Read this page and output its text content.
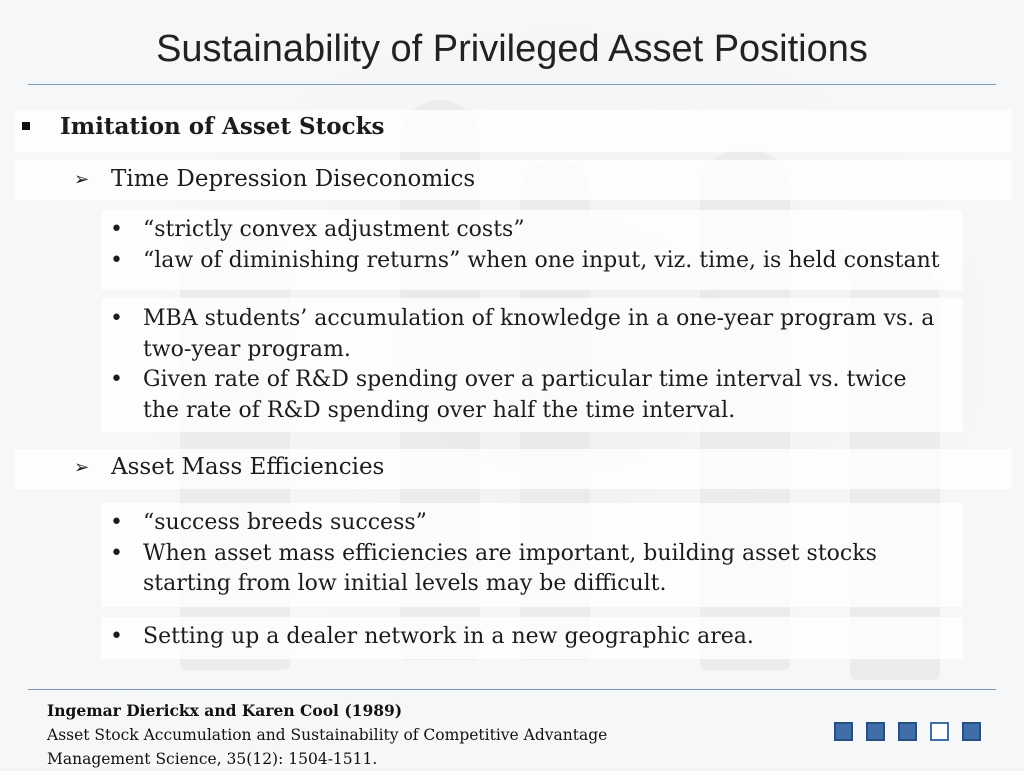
Sustainability of Privileged Asset Positions
Imitation of Asset Stocks
➢ Time Depression Diseconomics
• “strictly convex adjustment costs”
• “law of diminishing returns” when one input, viz. time, is held constant
• MBA students’ accumulation of knowledge in a one-year program vs. a two-year program.
• Given rate of R&D spending over a particular time interval vs. twice the rate of R&D spending over half the time interval.
➢ Asset Mass Efficiencies
• “success breeds success”
• When asset mass efficiencies are important, building asset stocks starting from low initial levels may be difficult.
• Setting up a dealer network in a new geographic area.
Ingemar Dierickx and Karen Cool (1989)
Asset Stock Accumulation and Sustainability of Competitive Advantage
Management Science, 35(12): 1504-1511.
